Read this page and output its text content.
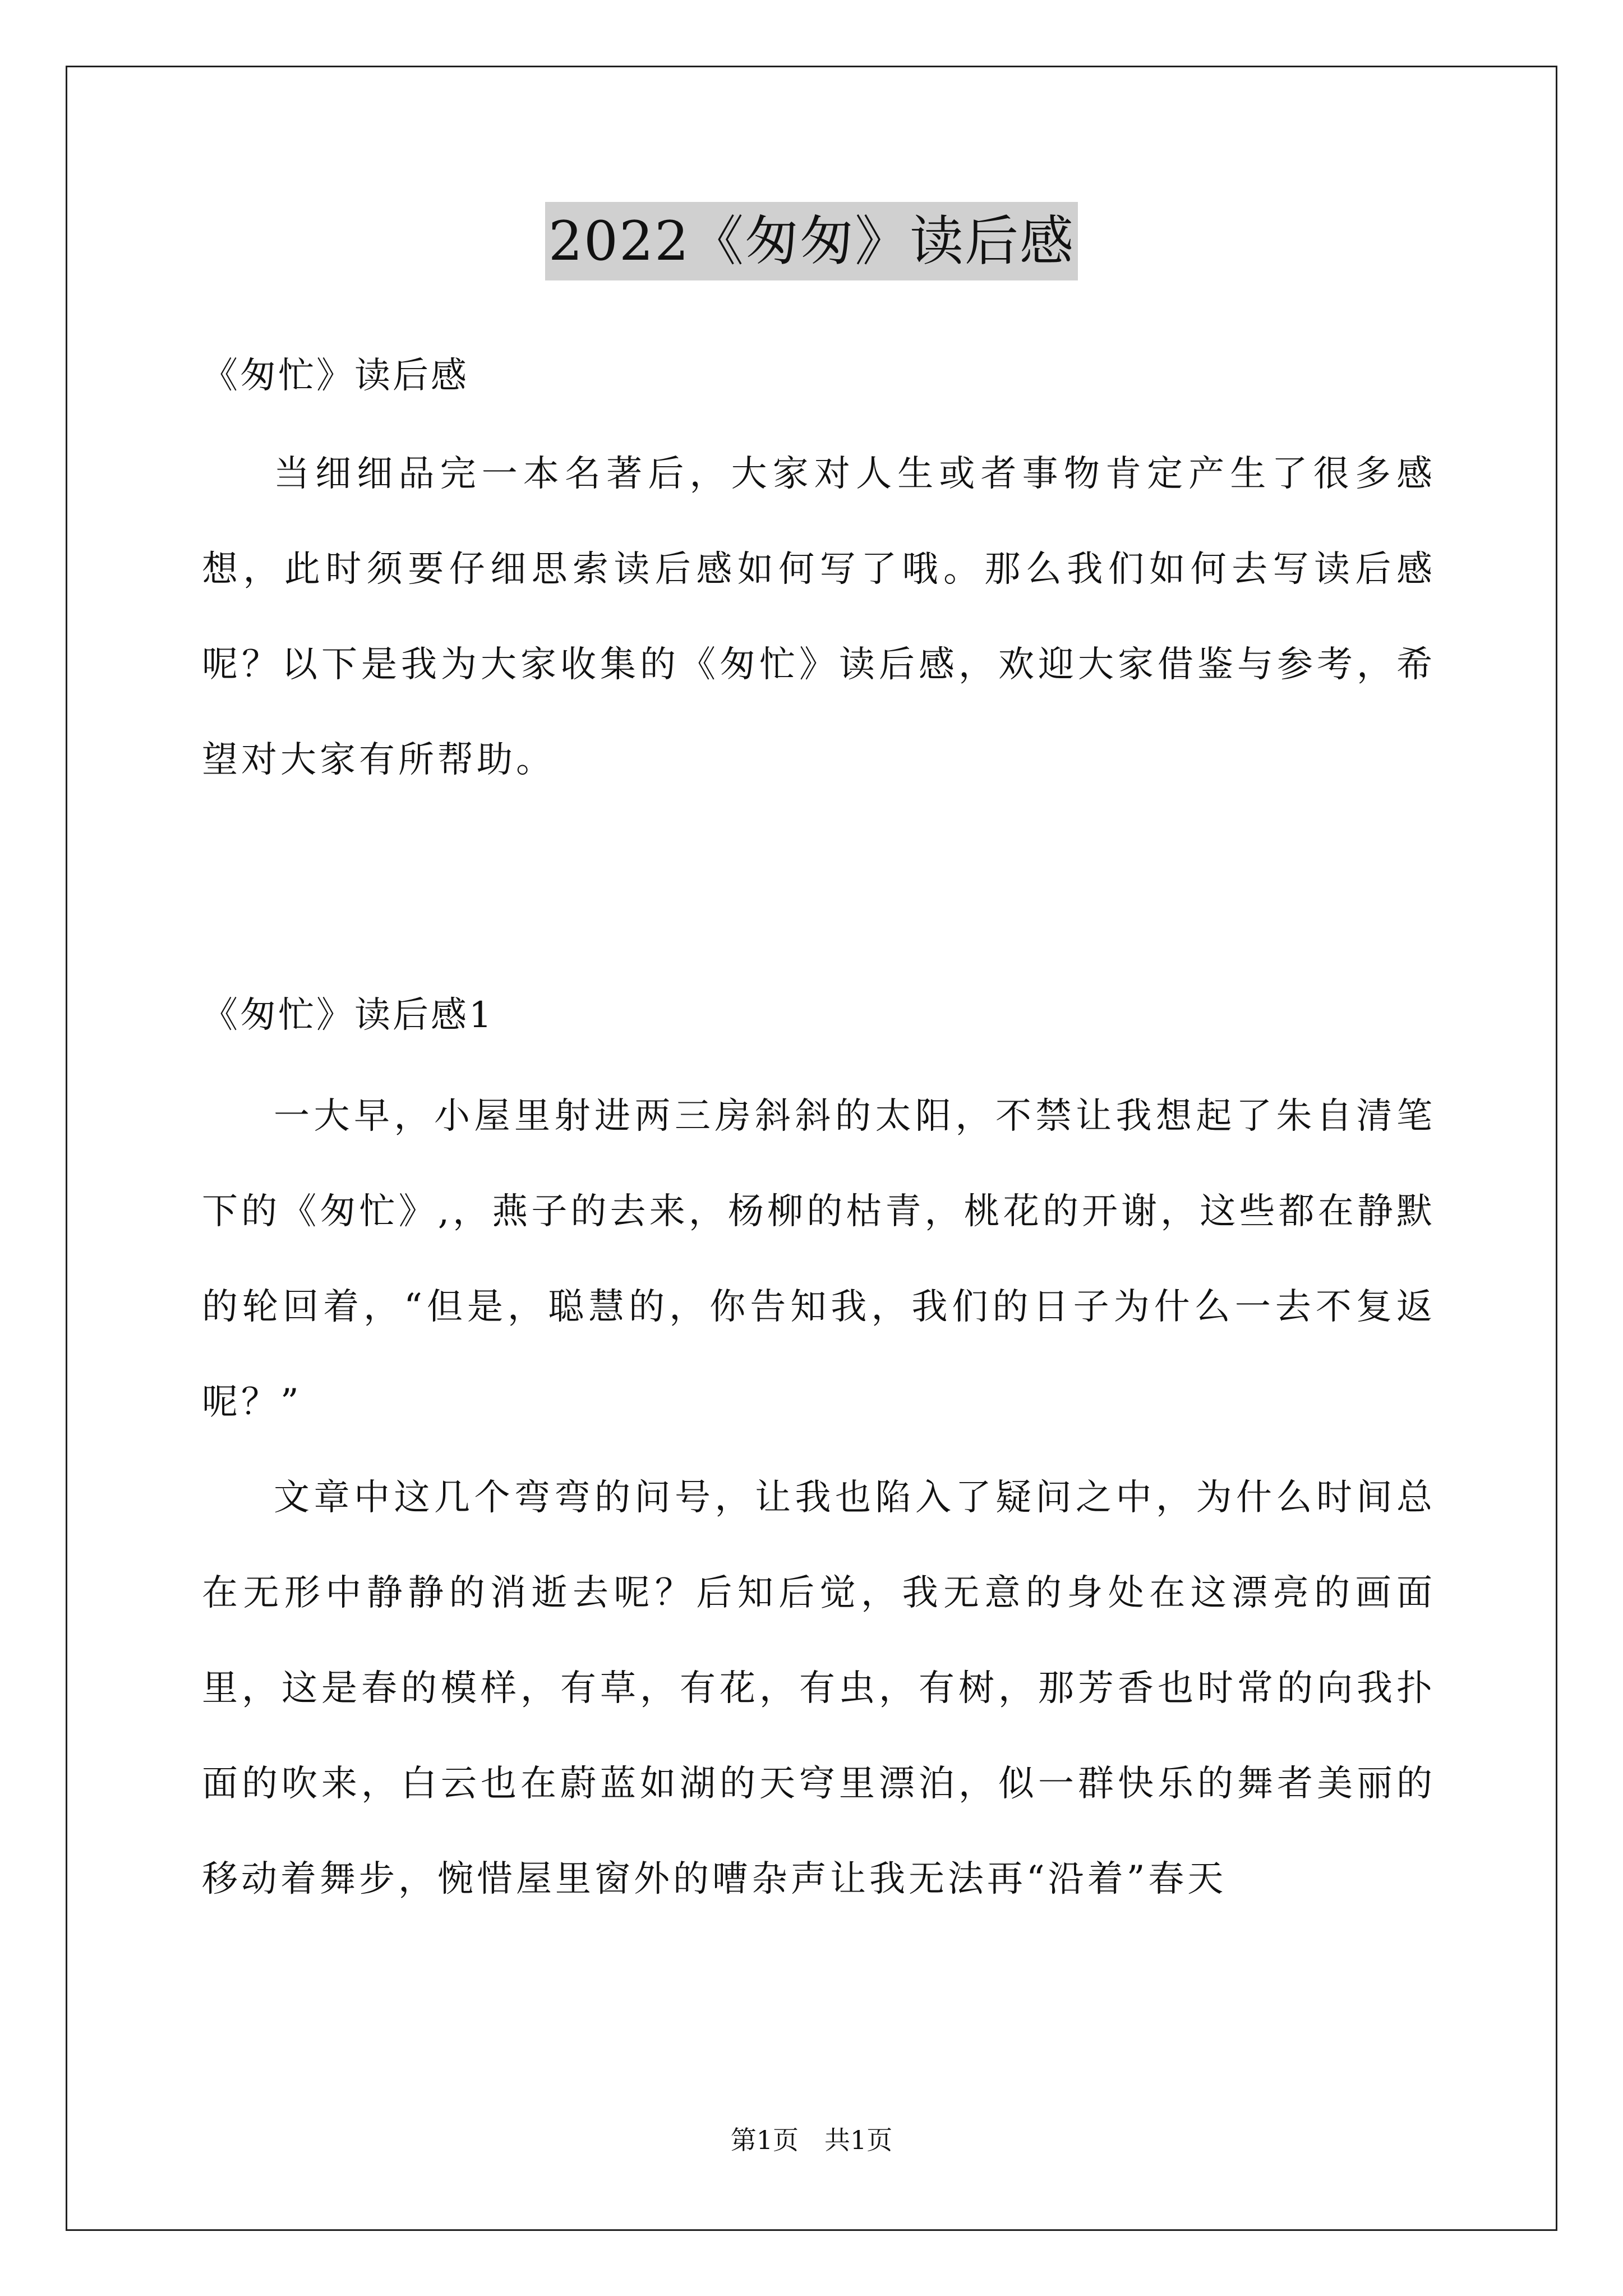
2022《匆匆》读后感
《匆忙》读后感

当细细品完一本名著后，大家对人生或者事物肯定产生了很多感想，此时须要仔细思索读后感如何写了哦。那么我们如何去写读后感呢？以下是我为大家收集的《匆忙》读后感，欢迎大家借鉴与参考，希望对大家有所帮助。

《匆忙》读后感1

一大早，小屋里射进两三房斜斜的太阳，不禁让我想起了朱自清笔下的《匆忙》,，燕子的去来，杨柳的枯青，桃花的开谢，这些都在静默的轮回着，“但是，聪慧的，你告知我，我们的日子为什么一去不复返呢？”

文章中这几个弯弯的问号，让我也陷入了疑问之中，为什么时间总在无形中静静的消逝去呢？后知后觉，我无意的身处在这漂亮的画面里，这是春的模样，有草，有花，有虫，有树，那芳香也时常的向我扑面的吹来，白云也在蔚蓝如湖的天穹里漂泊，似一群快乐的舞者美丽的移动着舞步，惋惜屋里窗外的嘈杂声让我无法再“沿着”春天

第1页　共1页
